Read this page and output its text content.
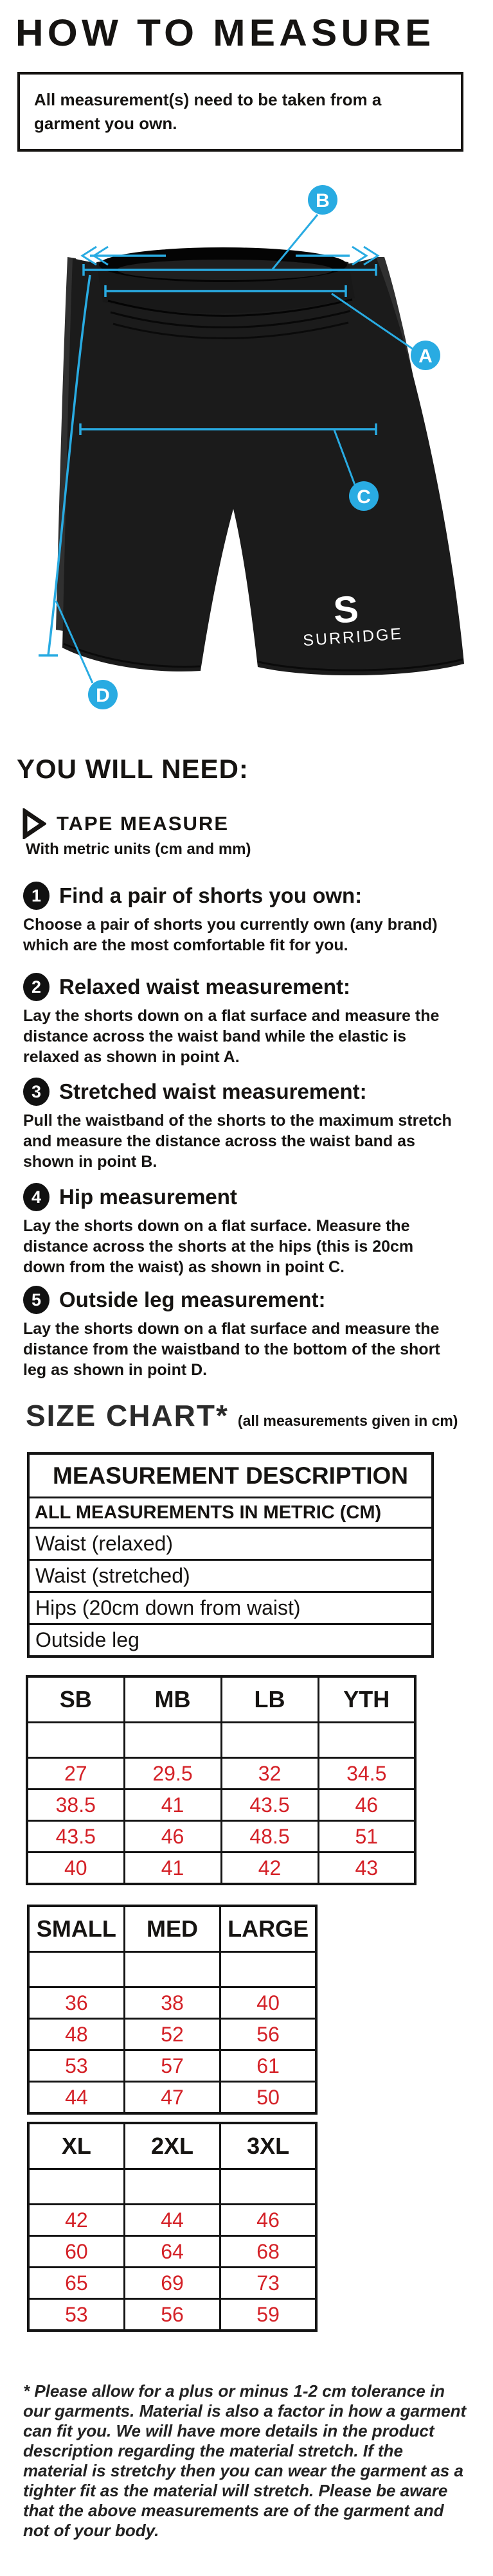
HOW TO MEASURE
All measurement(s) need to be taken from a garment you own.
S
SURRIDGE
B
A
C
D
YOU WILL NEED:
TAPE MEASURE
With metric units (cm and mm)
1 Find a pair of shorts you own:

Choose a pair of shorts you currently own (any brand) which are the most comfortable fit for you.

2 Relaxed waist measurement:

Lay the shorts down on a flat surface and measure the distance across the waist band while the elastic is relaxed as shown in point A.

3 Stretched waist measurement:

Pull the waistband of the shorts to the maximum stretch and measure the distance across the waist band as shown in point B.

4 Hip measurement

Lay the shorts down on a flat surface. Measure the distance across the shorts at the hips (this is 20cm down from the waist) as shown in point C.

5 Outside leg measurement:

Lay the shorts down on a flat surface and measure the distance from the waistband to the bottom of the short leg as shown in point D.

SIZE CHART* (all measurements given in cm)
MEASUREMENT DESCRIPTION
ALL MEASUREMENTS IN METRIC (CM)
Waist (relaxed)
Waist (stretched)
Hips (20cm down from waist)
Outside leg
SB	MB	LB	YTH

27	29.5	32	34.5
38.5	41	43.5	46
43.5	46	48.5	51
40	41	42	43
SMALL	MED	LARGE

36	38	40
48	52	56
53	57	61
44	47	50
XL	2XL	3XL

42	44	46
60	64	68
65	69	73
53	56	59

* Please allow for a plus or minus 1-2 cm tolerance in our garments. Material is also a factor in how a garment can fit you. We will have more details in the product description regarding the material stretch. If the material is stretchy then you can wear the garment as a tighter fit as the material will stretch. Please be aware that the above measurements are of the garment and not of your body.
